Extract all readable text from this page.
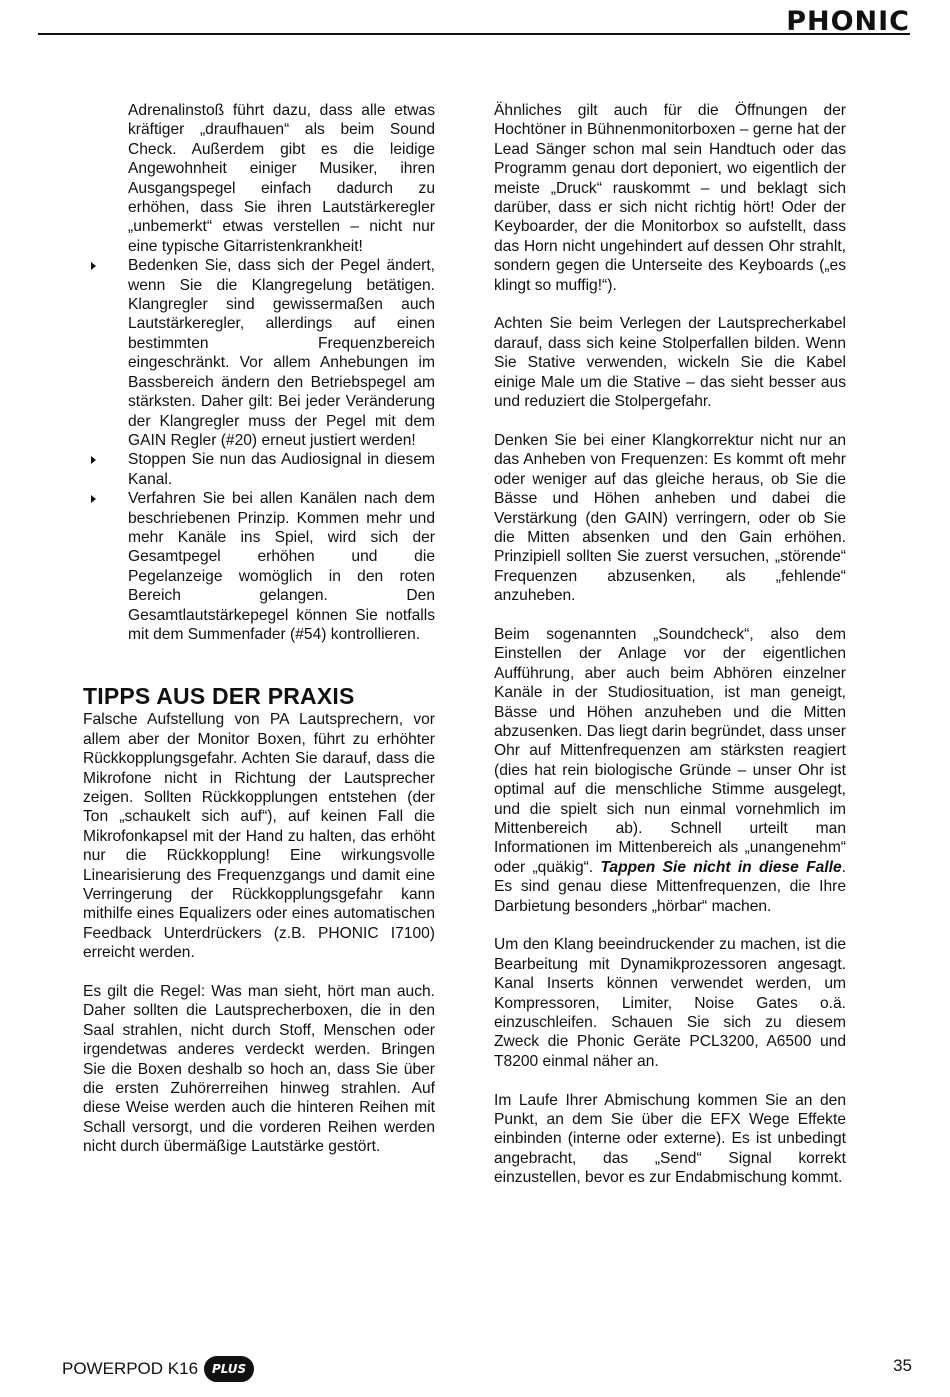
PHONIC

Adrenalinstoß führt dazu, dass alle etwas kräftiger „draufhauen“ als beim Sound Check. Außerdem gibt es die leidige Angewohnheit einiger Musiker, ihren Ausgangspegel einfach dadurch zu erhöhen, dass Sie ihren Lautstärkeregler „unbemerkt“ etwas verstellen – nicht nur eine typische Gitarristenkrankheit!

Bedenken Sie, dass sich der Pegel ändert, wenn Sie die Klangregelung betätigen. Klangregler sind gewissermaßen auch Lautstärkeregler, allerdings auf einen bestimmten Frequenzbereich eingeschränkt. Vor allem Anhebungen im Bassbereich ändern den Betriebspegel am stärksten. Daher gilt: Bei jeder Veränderung der Klangregler muss der Pegel mit dem GAIN Regler (#20) erneut justiert werden!

Stoppen Sie nun das Audiosignal in diesem Kanal.

Verfahren Sie bei allen Kanälen nach dem beschriebenen Prinzip. Kommen mehr und mehr Kanäle ins Spiel, wird sich der Gesamtpegel erhöhen und die Pegelanzeige womöglich in den roten Bereich gelangen. Den Gesamtlautstärkepegel können Sie notfalls mit dem Summenfader (#54) kontrollieren.

TIPPS AUS DER PRAXIS

Falsche Aufstellung von PA Lautsprechern, vor allem aber der Monitor Boxen, führt zu erhöhter Rückkopplungsgefahr. Achten Sie darauf, dass die Mikrofone nicht in Richtung der Lautsprecher zeigen. Sollten Rückkopplungen entstehen (der Ton „schaukelt sich auf“), auf keinen Fall die Mikrofonkapsel mit der Hand zu halten, das erhöht nur die Rückkopplung! Eine wirkungsvolle Linearisierung des Frequenzgangs und damit eine Verringerung der Rückkopplungsgefahr kann mithilfe eines Equalizers oder eines automatischen Feedback Unterdrückers (z.B. PHONIC I7100) erreicht werden.

Es gilt die Regel: Was man sieht, hört man auch. Daher sollten die Lautsprecherboxen, die in den Saal strahlen, nicht durch Stoff, Menschen oder irgendetwas anderes verdeckt werden. Bringen Sie die Boxen deshalb so hoch an, dass Sie über die ersten Zuhörerreihen hinweg strahlen. Auf diese Weise werden auch die hinteren Reihen mit Schall versorgt, und die vorderen Reihen werden nicht durch übermäßige Lautstärke gestört.

Ähnliches gilt auch für die Öffnungen der Hochtöner in Bühnenmonitorboxen – gerne hat der Lead Sänger schon mal sein Handtuch oder das Programm genau dort deponiert, wo eigentlich der meiste „Druck“ rauskommt – und beklagt sich darüber, dass er sich nicht richtig hört! Oder der Keyboarder, der die Monitorbox so aufstellt, dass das Horn nicht ungehindert auf dessen Ohr strahlt, sondern gegen die Unterseite des Keyboards („es klingt so muffig!“).

Achten Sie beim Verlegen der Lautsprecherkabel darauf, dass sich keine Stolperfallen bilden. Wenn Sie Stative verwenden, wickeln Sie die Kabel einige Male um die Stative – das sieht besser aus und reduziert die Stolpergefahr.

Denken Sie bei einer Klangkorrektur nicht nur an das Anheben von Frequenzen: Es kommt oft mehr oder weniger auf das gleiche heraus, ob Sie die Bässe und Höhen anheben und dabei die Verstärkung (den GAIN) verringern, oder ob Sie die Mitten absenken und den Gain erhöhen. Prinzipiell sollten Sie zuerst versuchen, „störende“ Frequenzen abzusenken, als „fehlende“ anzuheben.

Beim sogenannten „Soundcheck“, also dem Einstellen der Anlage vor der eigentlichen Aufführung, aber auch beim Abhören einzelner Kanäle in der Studiosituation, ist man geneigt, Bässe und Höhen anzuheben und die Mitten abzusenken. Das liegt darin begründet, dass unser Ohr auf Mittenfrequenzen am stärksten reagiert (dies hat rein biologische Gründe – unser Ohr ist optimal auf die menschliche Stimme ausgelegt, und die spielt sich nun einmal vornehmlich im Mittenbereich ab). Schnell urteilt man Informationen im Mittenbereich als „unangenehm“ oder „quäkig“. Tappen Sie nicht in diese Falle. Es sind genau diese Mittenfrequenzen, die Ihre Darbietung besonders „hörbar“ machen.

Um den Klang beeindruckender zu machen, ist die Bearbeitung mit Dynamikprozessoren angesagt. Kanal Inserts können verwendet werden, um Kompressoren, Limiter, Noise Gates o.ä. einzuschleifen. Schauen Sie sich zu diesem Zweck die Phonic Geräte PCL3200, A6500 und T8200 einmal näher an.

Im Laufe Ihrer Abmischung kommen Sie an den Punkt, an dem Sie über die EFX Wege Effekte einbinden (interne oder externe). Es ist unbedingt angebracht, das „Send“ Signal korrekt einzustellen, bevor es zur Endabmischung kommt.

POWERPOD K16	PLUS	35
